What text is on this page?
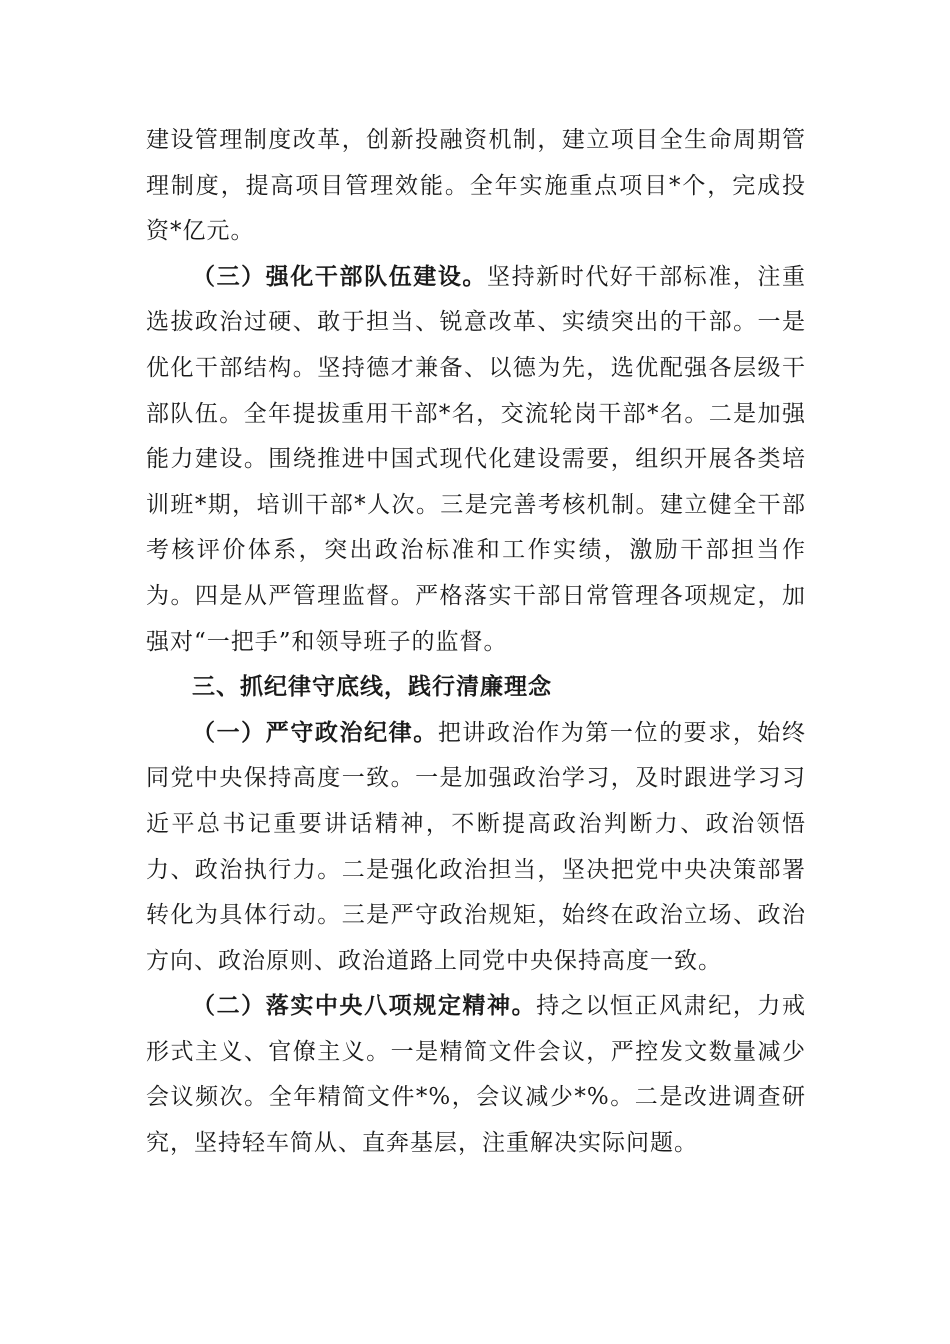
建设管理制度改革，创新投融资机制，建立项目全生命周期管理制度，提高项目管理效能。全年实施重点项目*个，完成投资*亿元。

（三）强化干部队伍建设。坚持新时代好干部标准，注重选拔政治过硬、敢于担当、锐意改革、实绩突出的干部。一是优化干部结构。坚持德才兼备、以德为先，选优配强各层级干部队伍。全年提拔重用干部*名，交流轮岗干部*名。二是加强能力建设。围绕推进中国式现代化建设需要，组织开展各类培训班*期，培训干部*人次。三是完善考核机制。建立健全干部考核评价体系，突出政治标准和工作实绩，激励干部担当作为。四是从严管理监督。严格落实干部日常管理各项规定，加强对“一把手”和领导班子的监督。

三、抓纪律守底线，践行清廉理念

（一）严守政治纪律。把讲政治作为第一位的要求，始终同党中央保持高度一致。一是加强政治学习，及时跟进学习习近平总书记重要讲话精神，不断提高政治判断力、政治领悟力、政治执行力。二是强化政治担当，坚决把党中央决策部署转化为具体行动。三是严守政治规矩，始终在政治立场、政治方向、政治原则、政治道路上同党中央保持高度一致。

（二）落实中央八项规定精神。持之以恒正风肃纪，力戒形式主义、官僚主义。一是精简文件会议，严控发文数量减少会议频次。全年精简文件*%，会议减少*%。二是改进调查研究，坚持轻车简从、直奔基层，注重解决实际问题。
